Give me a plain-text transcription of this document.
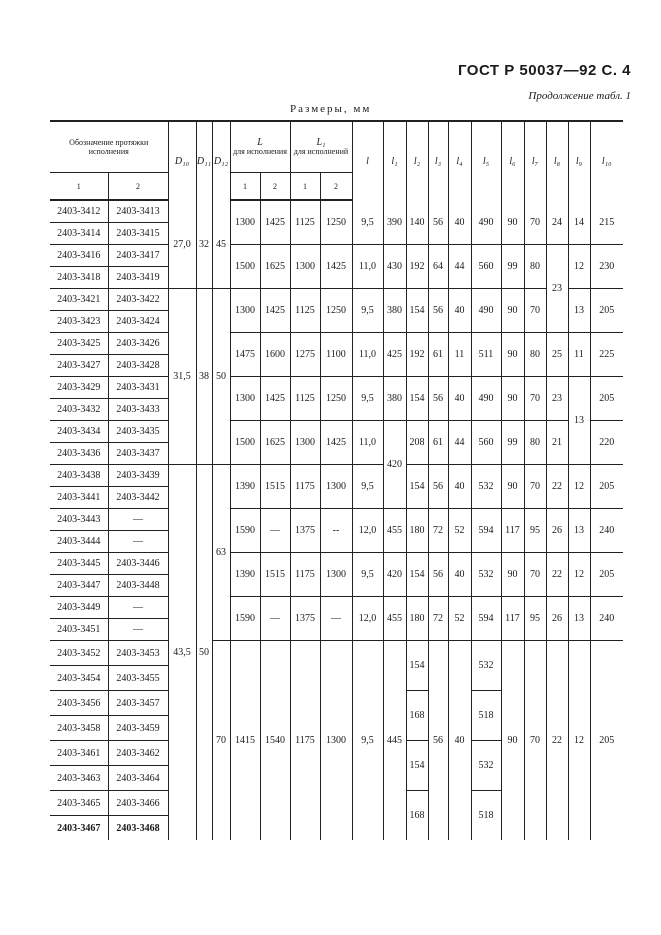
ГОСТ Р 50037—92 С. 4
Продолжение табл. 1
Размеры, мм
Обозначение протяжки исполнения		D₁₀	D₁₁	D₁₂	L
для исполнения		L₁
для исполнений		l	l₁	l₂	l₃	l₄	l₅	l₆	l₇	l₈	l₉	l₁₀
1	2				1	2	1	2											
2403-3412	2403-3413	27,0	32	45	1300	1425	1125	1250	9,5	390	140	56	40	490	90	70	24	14	215
2403-3414	2403-3415																		
2403-3416	2403-3417				1500	1625	1300	1425	11,0	430	192	64	44	560	99	80	23	12	230
2403-3418	2403-3419																		
2403-3421	2403-3422	31,5	38	50	1300	1425	1125	1250	9,5	380	154	56	40	490	90	70		13	205
2403-3423	2403-3424																		
2403-3425	2403-3426				1475	1600	1275	1100	11,0	425	192	61	11	511	90	80	25	11	225
2403-3427	2403-3428																		
2403-3429	2403-3431				1300	1425	1125	1250	9,5	380	154	56	40	490	90	70	23	13	205
2403-3432	2403-3433																		
2403-3434	2403-3435				1500	1625	1300	1425	11,0	420	208	61	44	560	99	80	21		220
2403-3436	2403-3437																		
2403-3438	2403-3439	43,5	50	63	1390	1515	1175	1300	9,5		154	56	40	532	90	70	22	12	205
2403-3441	2403-3442																		
2403-3443	—				1590	—	1375	--	12,0	455	180	72	52	594	117	95	26	13	240
2403-3444	—																		
2403-3445	2403-3446				1390	1515	1175	1300	9,5	420	154	56	40	532	90	70	22	12	205
2403-3447	2403-3448																		
2403-3449	—				1590	—	1375	—	12,0	455	180	72	52	594	117	95	26	13	240
2403-3451	—																		
2403-3452	2403-3453			70	1415	1540	1175	1300	9,5	445	154	56	40	532	90	70	22	12	205
2403-3454	2403-3455																		
2403-3456	2403-3457										168			518					
2403-3458	2403-3459																		
2403-3461	2403-3462										154			532					
2403-3463	2403-3464																		
2403-3465	2403-3466										168			518					
2403-3467	2403-3468																		
